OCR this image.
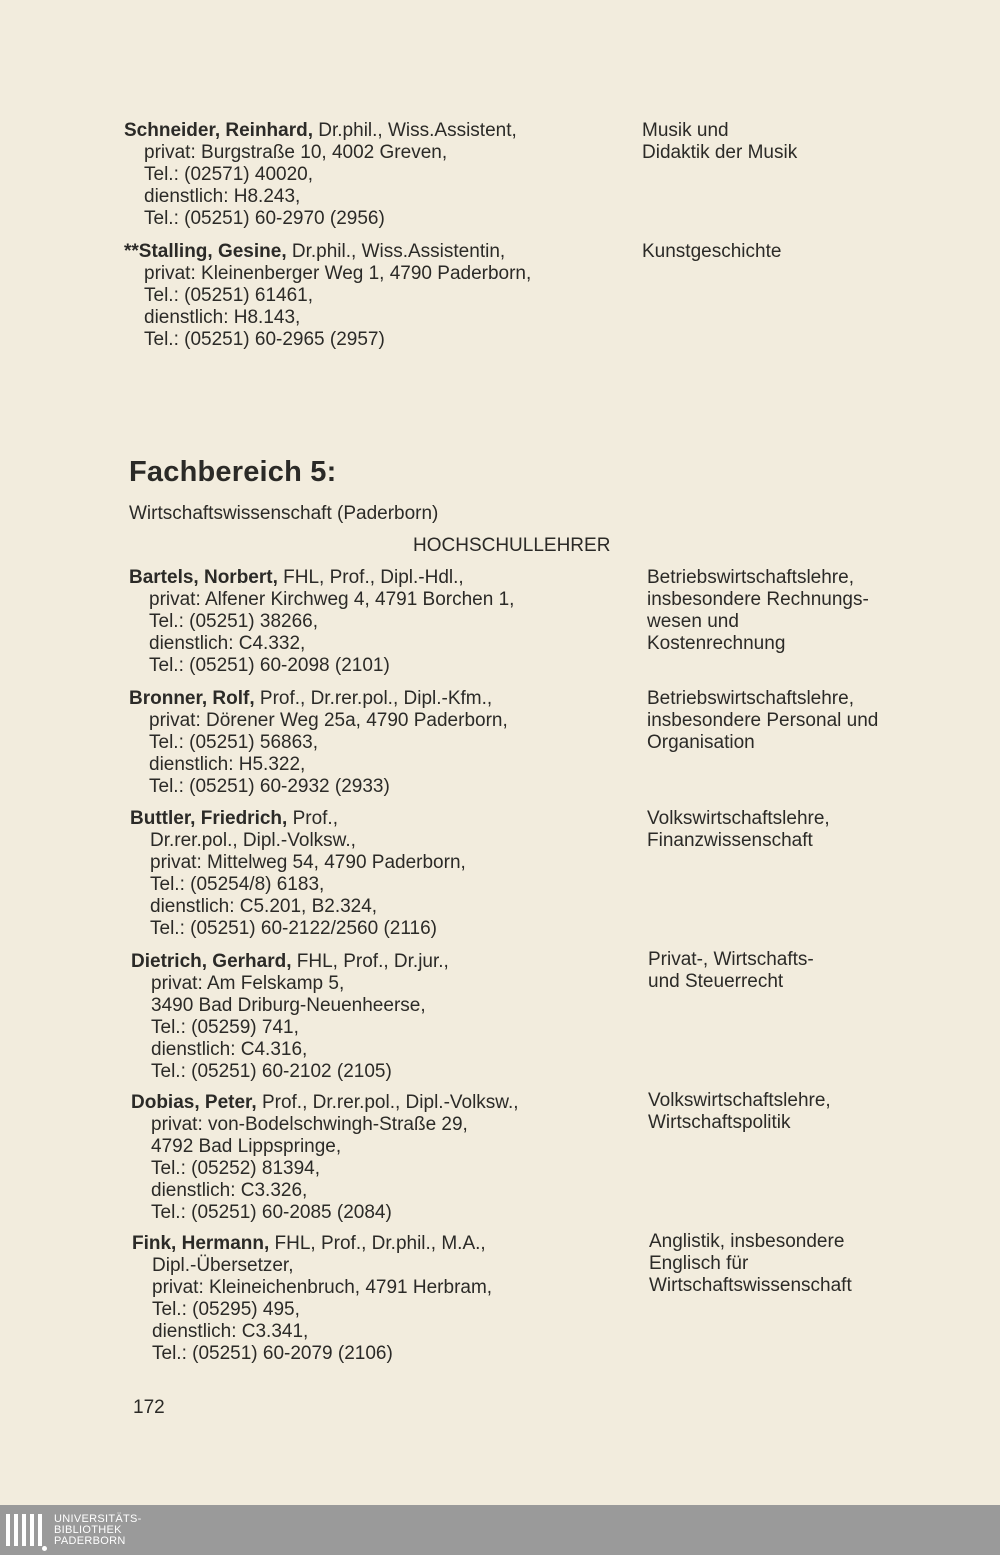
Schneider, Reinhard, Dr.phil., Wiss.Assistent,
privat: Burgstraße 10, 4002 Greven,
Tel.: (02571) 40020,
dienstlich: H8.243,
Tel.: (05251) 60-2970 (2956)
Musik und
Didaktik der Musik
**Stalling, Gesine, Dr.phil., Wiss.Assistentin,
privat: Kleinenberger Weg 1, 4790 Paderborn,
Tel.: (05251) 61461,
dienstlich: H8.143,
Tel.: (05251) 60-2965 (2957)
Kunstgeschichte
Fachbereich 5:
Wirtschaftswissenschaft (Paderborn)
HOCHSCHULLEHRER
Bartels, Norbert, FHL, Prof., Dipl.-Hdl.,
privat: Alfener Kirchweg 4, 4791 Borchen 1,
Tel.: (05251) 38266,
dienstlich: C4.332,
Tel.: (05251) 60-2098 (2101)
Betriebswirtschaftslehre,
insbesondere Rechnungs-
wesen und
Kostenrechnung
Bronner, Rolf, Prof., Dr.rer.pol., Dipl.-Kfm.,
privat: Dörener Weg 25a, 4790 Paderborn,
Tel.: (05251) 56863,
dienstlich: H5.322,
Tel.: (05251) 60-2932 (2933)
Betriebswirtschaftslehre,
insbesondere Personal und
Organisation
Buttler, Friedrich, Prof.,
Dr.rer.pol., Dipl.-Volksw.,
privat: Mittelweg 54, 4790 Paderborn,
Tel.: (05254/8) 6183,
dienstlich: C5.201, B2.324,
Tel.: (05251) 60-2122/2560 (2116)
Volkswirtschaftslehre,
Finanzwissenschaft
Dietrich, Gerhard, FHL, Prof., Dr.jur.,
privat: Am Felskamp 5,
3490 Bad Driburg-Neuenheerse,
Tel.: (05259) 741,
dienstlich: C4.316,
Tel.: (05251) 60-2102 (2105)
Privat-, Wirtschafts-
und Steuerrecht
Dobias, Peter, Prof., Dr.rer.pol., Dipl.-Volksw.,
privat: von-Bodelschwingh-Straße 29,
4792 Bad Lippspringe,
Tel.: (05252) 81394,
dienstlich: C3.326,
Tel.: (05251) 60-2085 (2084)
Volkswirtschaftslehre,
Wirtschaftspolitik
Fink, Hermann, FHL, Prof., Dr.phil., M.A.,
Dipl.-Übersetzer,
privat: Kleineichenbruch, 4791 Herbram,
Tel.: (05295) 495,
dienstlich: C3.341,
Tel.: (05251) 60-2079 (2106)
Anglistik, insbesondere
Englisch für
Wirtschaftswissenschaft
172
UNIVERSITÄTS-
BIBLIOTHEK
PADERBORN
